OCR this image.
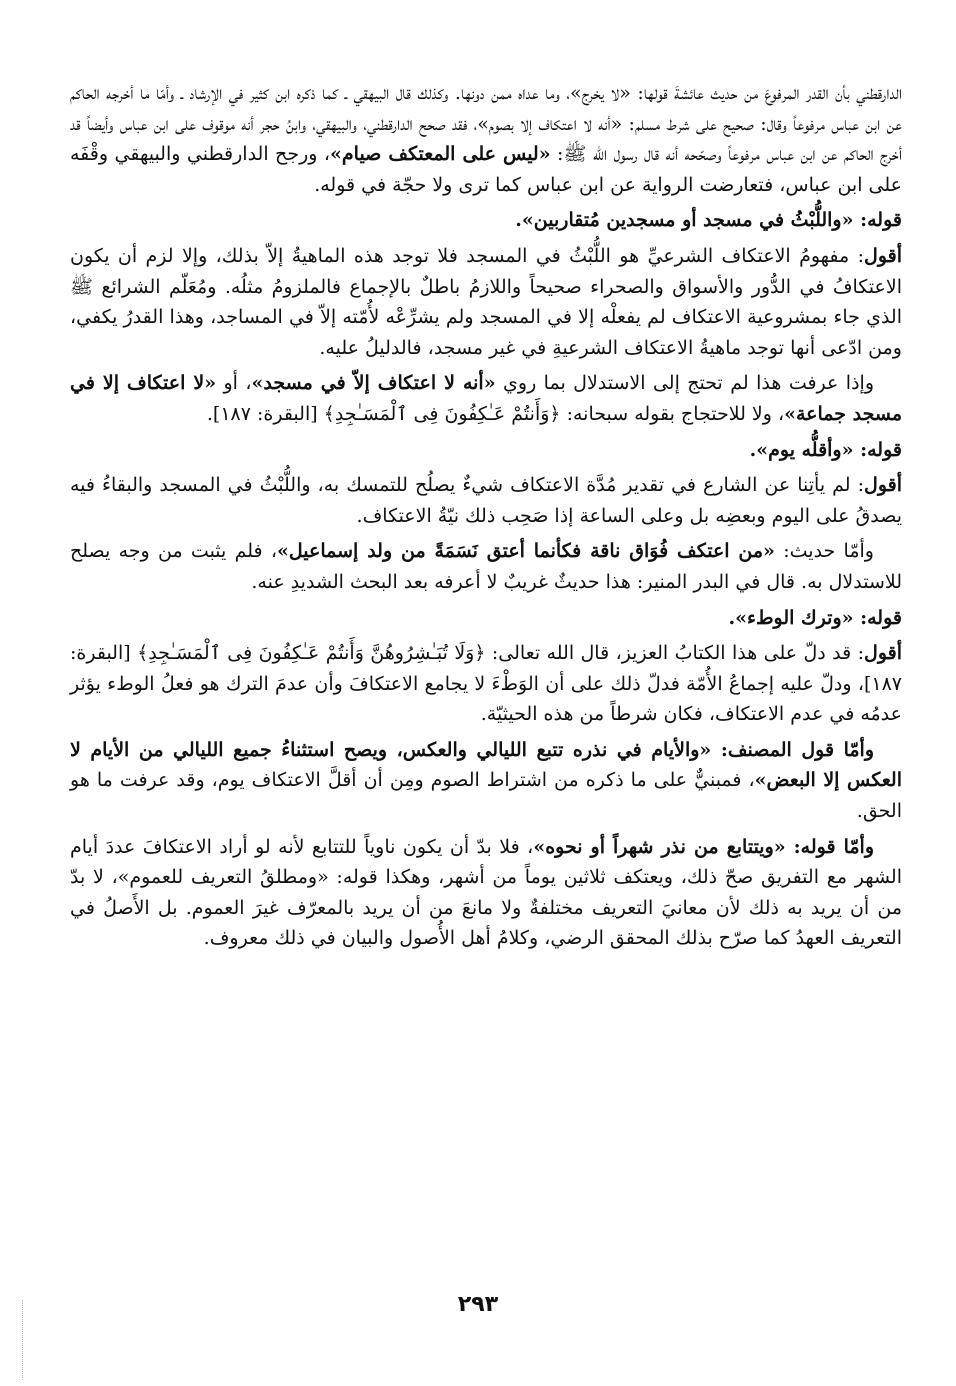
الدارقطني بأن القدر المرفوعَ من حديث عائشةَ قولها: «لا يخرج»، وما عداه ممن دونها. وكذلك قال البيهقي ـ كما ذكره ابن كثير في الإرشاد ـ وأمّا ما أخرجه الحاكم عن ابن عباس مرفوعاً وقال: صحيح على شرط مسلم: «أنه لا اعتكاف إلا بصوم»، فقد صحح الدارقطني، والبيهقي، وابنُ حجر أنه موقوف على ابن عباس وأيضاً قد أخرج الحاكم عن ابن عباس مرفوعاً وصحّحه أنه قال رسول الله ﷺ: «ليس على المعتكف صيام»، ورجح الدارقطني والبيهقي وقْفَه على ابن عباس، فتعارضت الرواية عن ابن عباس كما ترى ولا حجّة في قوله.

قوله: «واللُّبْثُ في مسجد أو مسجدين مُتقاربين».

أقول: مفهومُ الاعتكاف الشرعيِّ هو اللُّبْثُ في المسجد فلا توجد هذه الماهيةُ إلاّ بذلك، وإلا لزم أن يكون الاعتكافُ في الدُّور والأسواق والصحراء صحيحاً واللازمُ باطلٌ بالإجماع فالملزومُ مثلُه. ومُعَلّم الشرائع ﷺ الذي جاء بمشروعية الاعتكاف لم يفعلْه إلا في المسجد ولم يشرِّعْه لأُمّته إلاّ في المساجد، وهذا القدرُ يكفي، ومن ادّعى أنها توجد ماهيةُ الاعتكاف الشرعيةِ في غير مسجد، فالدليلُ عليه.

وإذا عرفت هذا لم تحتج إلى الاستدلال بما روي «أنه لا اعتكاف إلاّ في مسجد»، أو «لا اعتكاف إلا في مسجد جماعة»، ولا للاحتجاج بقوله سبحانه: ﴿وَأَنتُمْ عَـٰكِفُونَ فِى ٱلْمَسَـٰجِدِ﴾ [البقرة: ١٨٧].

قوله: «وأقلُّه يوم».

أقول: لم يأتِنا عن الشارع في تقدير مُدَّة الاعتكاف شيءٌ يصلُح للتمسك به، واللُّبْثُ في المسجد والبقاءُ فيه يصدقُ على اليوم وبعضِه بل وعلى الساعة إذا صَحِب ذلك نيّةُ الاعتكاف.

وأمّا حديث: «من اعتكف فُوَاق ناقة فكأنما أعتق نَسَمَةً من ولد إسماعيل»، فلم يثبت من وجه يصلح للاستدلال به. قال في البدر المنير: هذا حديثٌ غريبٌ لا أعرفه بعد البحث الشديدِ عنه.

قوله: «وترك الوطء».

أقول: قد دلّ على هذا الكتابُ العزيز، قال الله تعالى: ﴿وَلَا تُبَـٰشِرُوهُنَّ وَأَنتُمْ عَـٰكِفُونَ فِى ٱلْمَسَـٰجِدِ﴾ [البقرة: ١٨٧]، ودلّ عليه إجماعُ الأُمّة فدلّ ذلك على أن الوَطْءَ لا يجامع الاعتكافَ وأن عدمَ الترك هو فعلُ الوطء يؤثر عدمُه في عدم الاعتكاف، فكان شرطاً من هذه الحيثيّة.

وأمّا قول المصنف: «والأيام في نذره تتبع الليالي والعكس، ويصح استثناءُ جميع الليالي من الأيام لا العكس إلا البعض»، فمبنيٌّ على ما ذكره من اشتراط الصوم ومِن أن أقلَّ الاعتكاف يوم، وقد عرفت ما هو الحق.

وأمّا قوله: «ويتتابع من نذر شهراً أو نحوه»، فلا بدّ أن يكون ناوياً للتتابع لأنه لو أراد الاعتكافَ عددَ أيام الشهر مع التفريق صحّ ذلك، ويعتكف ثلاثين يوماً من أشهر، وهكذا قوله: «ومطلقُ التعريف للعموم»، لا بدّ من أن يريد به ذلك لأن معانيَ التعريف مختلفةٌ ولا مانعَ من أن يريد بالمعرّف غيرَ العموم. بل الأَصلُ في التعريف العهدُ كما صرّح بذلك المحقق الرضي، وكلامُ أهل الأُصول والبيان في ذلك معروف.

٢٩٣
